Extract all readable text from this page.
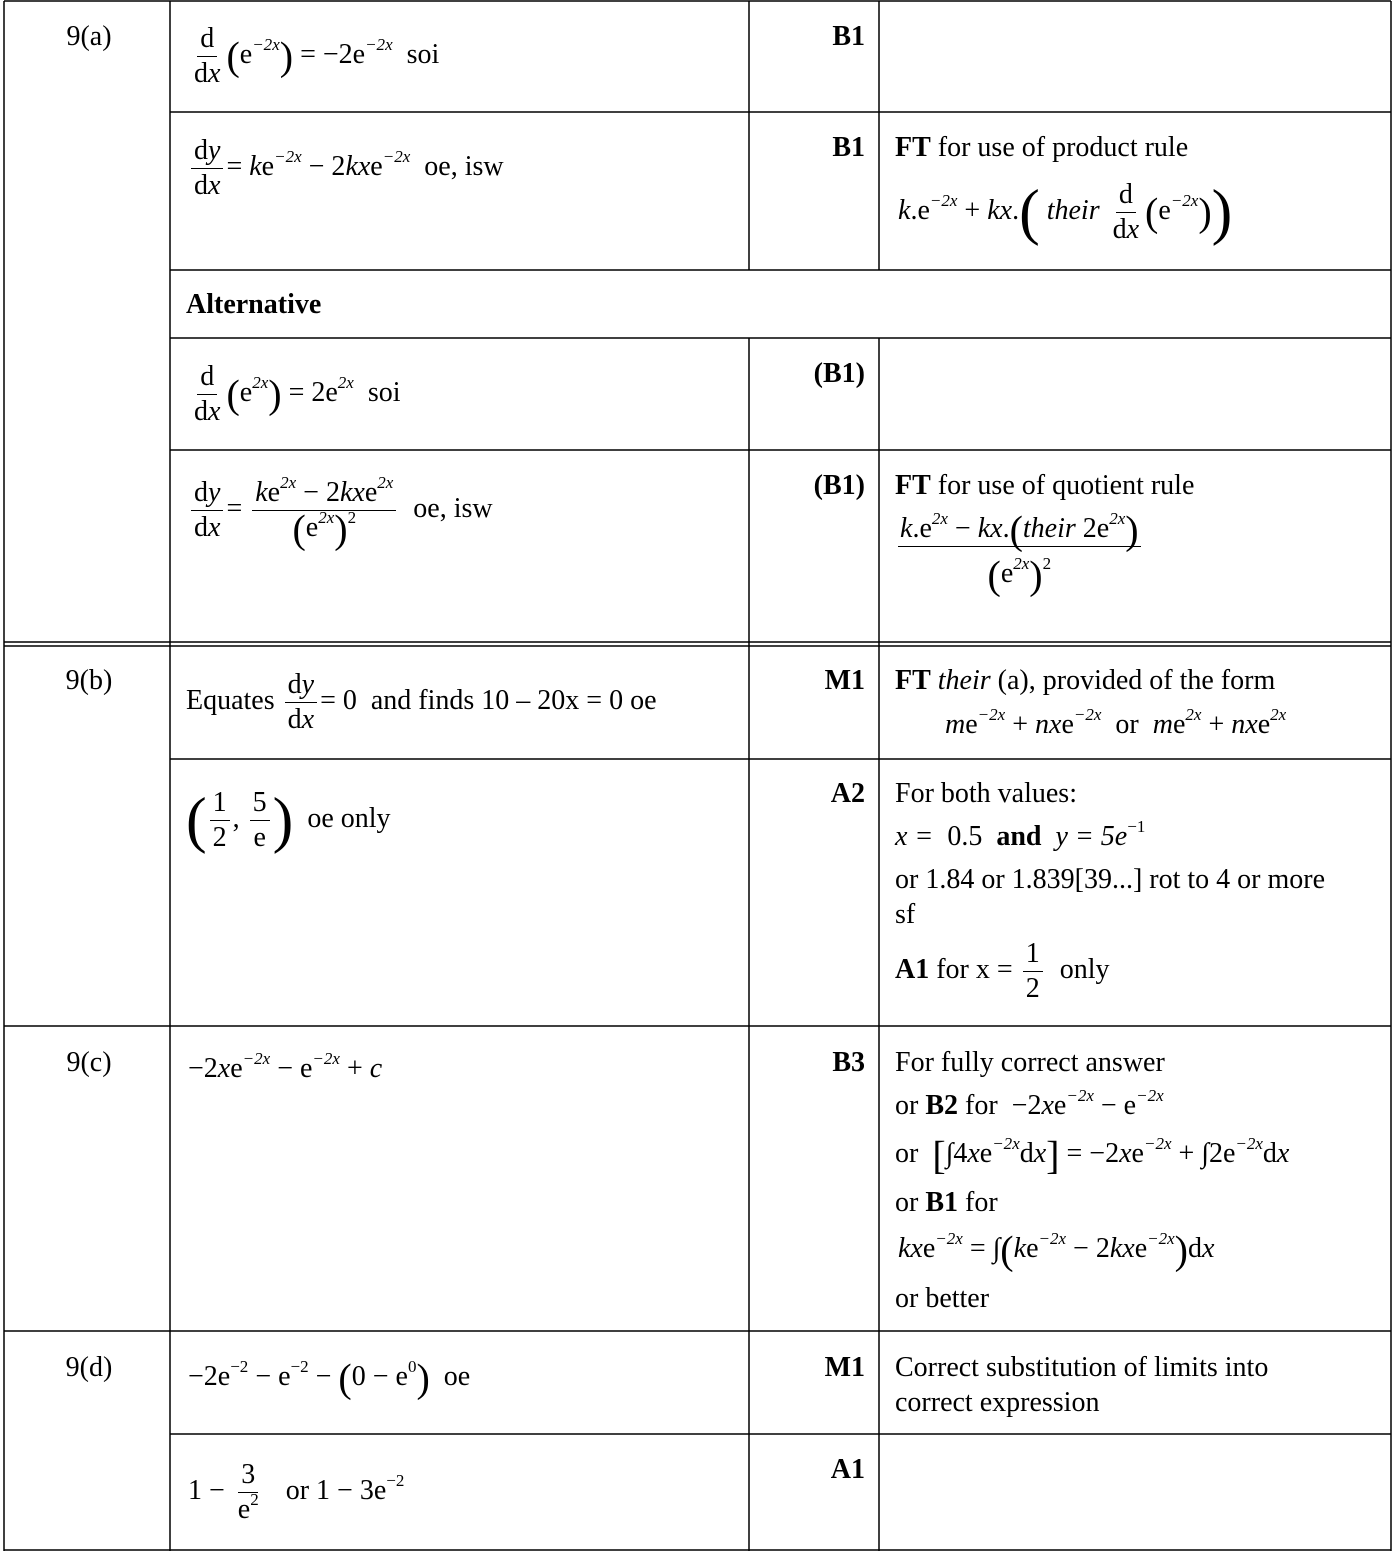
9(a)
9(b)
9(c)
9(d)
B1
B1
(B1)
(B1)
M1
A2
B3
M1
A1
$\frac{d}{dx} (e^{-2x}) = -2e^{-2x}$ soi
$\frac{dy}{dx} = ke^{-2x} - 2kxe^{-2x}$ oe, isw
FT for use of product rule
$k.e^{-2x} + kx$.( their $\frac{d}{dx} (e^{-2x})$)
Alternative
$\frac{d}{dx} (e^{2x}) = 2e^{2x}$ soi
$\frac{dy}{dx} = \frac{ke^{2x} - 2kxe^{2x}}{(e^{2x})^2}$ oe, isw
FT for use of quotient rule
$\frac{k.e^{2x} - kx.(their 2e^{2x})}{(e^{2x})^2}$
Equates $\frac{dy}{dx} = 0$  and finds 10 – 20x = 0 oe
FT their (a), provided of the form
$me^{-2x} + nxe^{-2x}$ or $me^{2x} + nxe^{2x}$
( $\frac{1}{2}$ , $\frac{5}{e}$ ) oe only
For both values:
x = 0.5 and $y = 5e^{-1}$
or 1.84 or 1.839[39...] rot to 4 or more
sf
A1 for $x = \frac{1}{2}$ only
$-2xe^{-2x} - e^{-2x} + c$	For fully correct answer
or B2 for  $-2xe^{-2x} - e^{-2x}$
or $[\int 4xe^{-2x}dx] = -2xe^{-2x} + \int 2e^{-2x}dx$
or B1 for
$kxe^{-2x} = \int(ke^{-2x} - 2kxe^{-2x})dx$
or better
$-2e^{-2} - e^{-2} - (0 - e^0)$ oe	Correct substitution of limits into
correct expression
$1 - \frac{3}{e^2}$ or $1 - 3e^{-2}$
